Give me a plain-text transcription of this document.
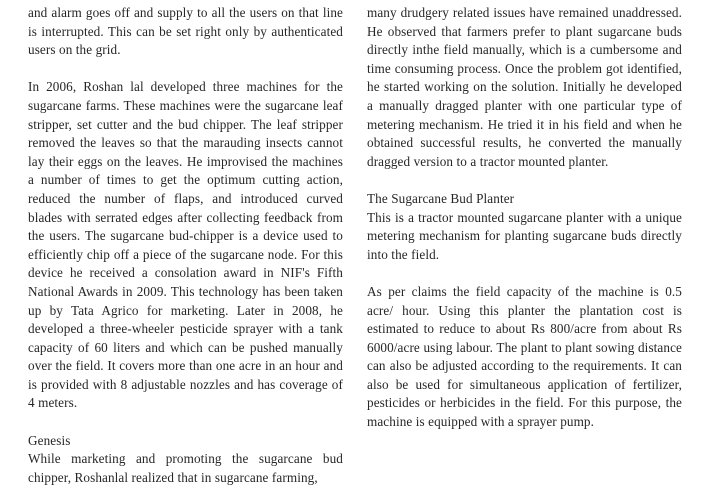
and alarm goes off and supply to all the users on that line is interrupted. This can be set right only by authenticated users on the grid.

In 2006, Roshan lal developed three machines for the sugarcane farms. These machines were the sugarcane leaf stripper, set cutter and the bud chipper. The leaf stripper removed the leaves so that the marauding insects cannot lay their eggs on the leaves. He improvised the machines a number of times to get the optimum cutting action, reduced the number of flaps, and introduced curved blades with serrated edges after collecting feedback from the users. The sugarcane bud-chipper is a device used to efficiently chip off a piece of the sugarcane node. For this device he received a consolation award in NIF's Fifth National Awards in 2009. This technology has been taken up by Tata Agrico for marketing. Later in 2008, he developed a three-wheeler pesticide sprayer with a tank capacity of 60 liters and which can be pushed manually over the field. It covers more than one acre in an hour and is provided with 8 adjustable nozzles and has coverage of 4 meters.

Genesis

While marketing and promoting the sugarcane bud chipper, Roshanlal realized that in sugarcane farming,

many drudgery related issues have remained unaddressed. He observed that farmers prefer to plant sugarcane buds directly inthe field manually, which is a cumbersome and time consuming process. Once the problem got identified, he started working on the solution. Initially he developed a manually dragged planter with one particular type of metering mechanism. He tried it in his field and when he obtained successful results, he converted the manually dragged version to a tractor mounted planter.

The Sugarcane Bud Planter

This is a tractor mounted sugarcane planter with a unique metering mechanism for planting sugarcane buds directly into the field.

As per claims the field capacity of the machine is 0.5 acre/ hour. Using this planter the plantation cost is estimated to reduce to about Rs 800/acre from about Rs 6000/acre using labour. The plant to plant sowing distance can also be adjusted according to the requirements. It can also be used for simultaneous application of fertilizer, pesticides or herbicides in the field. For this purpose, the machine is equipped with a sprayer pump.
